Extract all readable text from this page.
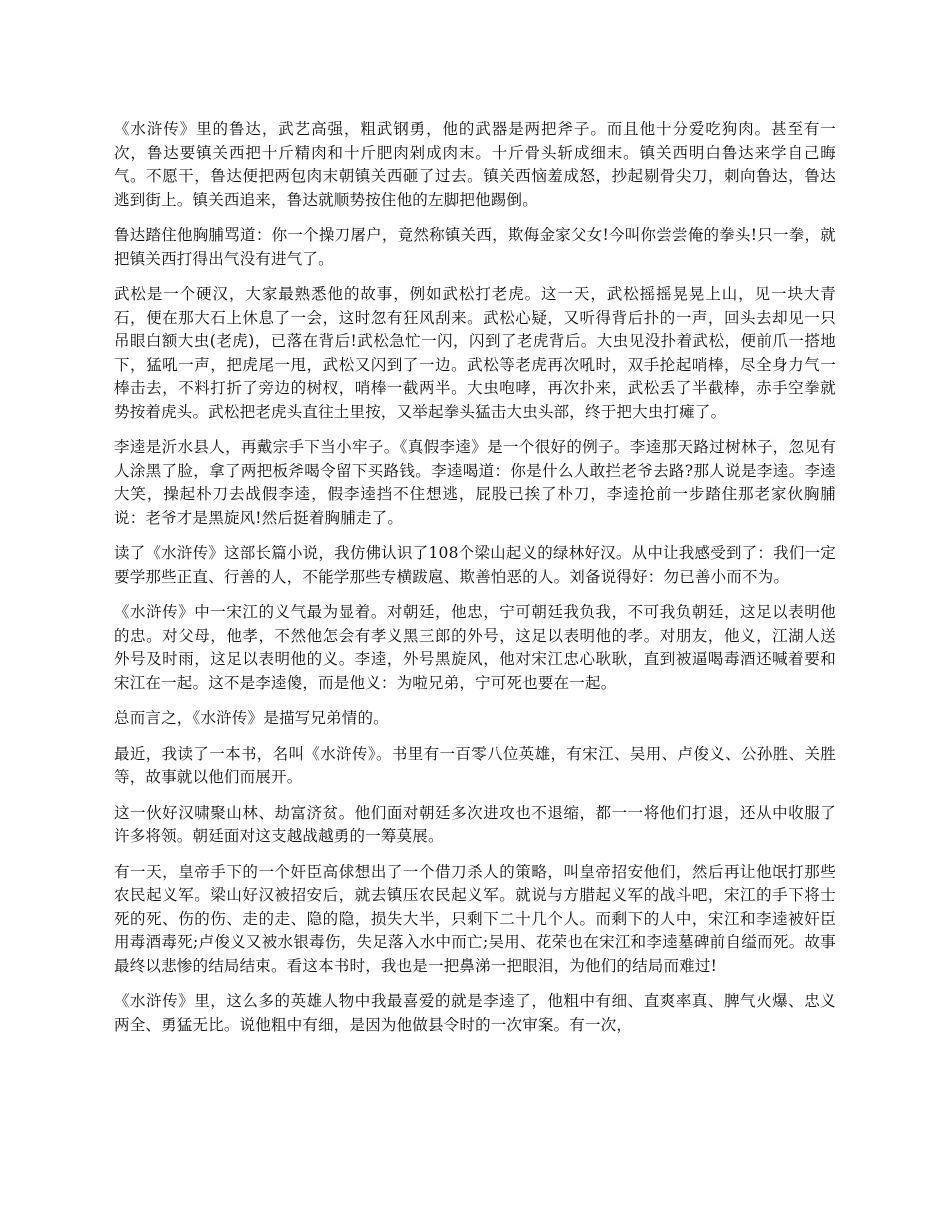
《水浒传》里的鲁达，武艺高强，粗武钢勇，他的武器是两把斧子。而且他十分爱吃狗肉。甚至有一次，鲁达要镇关西把十斤精肉和十斤肥肉剁成肉末。十斤骨头斩成细末。镇关西明白鲁达来学自己晦气。不愿干，鲁达便把两包肉末朝镇关西砸了过去。镇关西恼羞成怒，抄起剔骨尖刀，刺向鲁达，鲁达逃到街上。镇关西追来，鲁达就顺势按住他的左脚把他踢倒。

鲁达踏住他胸脯骂道：你一个操刀屠户，竟然称镇关西，欺侮金家父女!今叫你尝尝俺的拳头!只一拳，就把镇关西打得出气没有进气了。

武松是一个硬汉，大家最熟悉他的故事，例如武松打老虎。这一天，武松摇摇晃晃上山，见一块大青石，便在那大石上休息了一会，这时忽有狂风刮来。武松心疑，又听得背后扑的一声，回头去却见一只吊眼白额大虫(老虎)，已落在背后!武松急忙一闪，闪到了老虎背后。大虫见没扑着武松，便前爪一搭地下，猛吼一声，把虎尾一甩，武松又闪到了一边。武松等老虎再次吼时，双手抡起哨棒，尽全身力气一棒击去，不料打折了旁边的树杈，哨棒一截两半。大虫咆哮，再次扑来，武松丢了半截棒，赤手空拳就势按着虎头。武松把老虎头直往土里按，又举起拳头猛击大虫头部，终于把大虫打瘫了。

李逵是沂水县人，再戴宗手下当小牢子。《真假李逵》是一个很好的例子。李逵那天路过树林子，忽见有人涂黑了脸，拿了两把板斧喝令留下买路钱。李逵喝道：你是什么人敢拦老爷去路?那人说是李逵。李逵大笑，操起朴刀去战假李逵，假李逵挡不住想逃，屁股已挨了朴刀，李逵抢前一步踏住那老家伙胸脯说：老爷才是黑旋风!然后挺着胸脯走了。

读了《水浒传》这部长篇小说，我仿佛认识了108个梁山起义的绿林好汉。从中让我感受到了：我们一定要学那些正直、行善的人，不能学那些专横跋扈、欺善怕恶的人。刘备说得好：勿已善小而不为。

《水浒传》中一宋江的义气最为显着。对朝廷，他忠，宁可朝廷我负我，不可我负朝廷，这足以表明他的忠。对父母，他孝，不然他怎会有孝义黑三郎的外号，这足以表明他的孝。对朋友，他义，江湖人送外号及时雨，这足以表明他的义。李逵，外号黑旋风，他对宋江忠心耿耿，直到被逼喝毒酒还喊着要和宋江在一起。这不是李逵傻，而是他义：为啦兄弟，宁可死也要在一起。

总而言之，《水浒传》是描写兄弟情的。

最近，我读了一本书，名叫《水浒传》。书里有一百零八位英雄，有宋江、吴用、卢俊义、公孙胜、关胜等，故事就以他们而展开。

这一伙好汉啸聚山林、劫富济贫。他们面对朝廷多次进攻也不退缩，都一一将他们打退，还从中收服了许多将领。朝廷面对这支越战越勇的一筹莫展。

有一天，皇帝手下的一个奸臣高俅想出了一个借刀杀人的策略，叫皇帝招安他们，然后再让他氓打那些农民起义军。梁山好汉被招安后，就去镇压农民起义军。就说与方腊起义军的战斗吧，宋江的手下将士死的死、伤的伤、走的走、隐的隐，损失大半，只剩下二十几个人。而剩下的人中，宋江和李逵被奸臣用毒酒毒死;卢俊义又被水银毒伤，失足落入水中而亡;吴用、花荣也在宋江和李逵墓碑前自缢而死。故事最终以悲惨的结局结束。看这本书时，我也是一把鼻涕一把眼泪，为他们的结局而难过!

《水浒传》里，这么多的英雄人物中我最喜爱的就是李逵了，他粗中有细、直爽率真、脾气火爆、忠义两全、勇猛无比。说他粗中有细，是因为他做县令时的一次审案。有一次，
